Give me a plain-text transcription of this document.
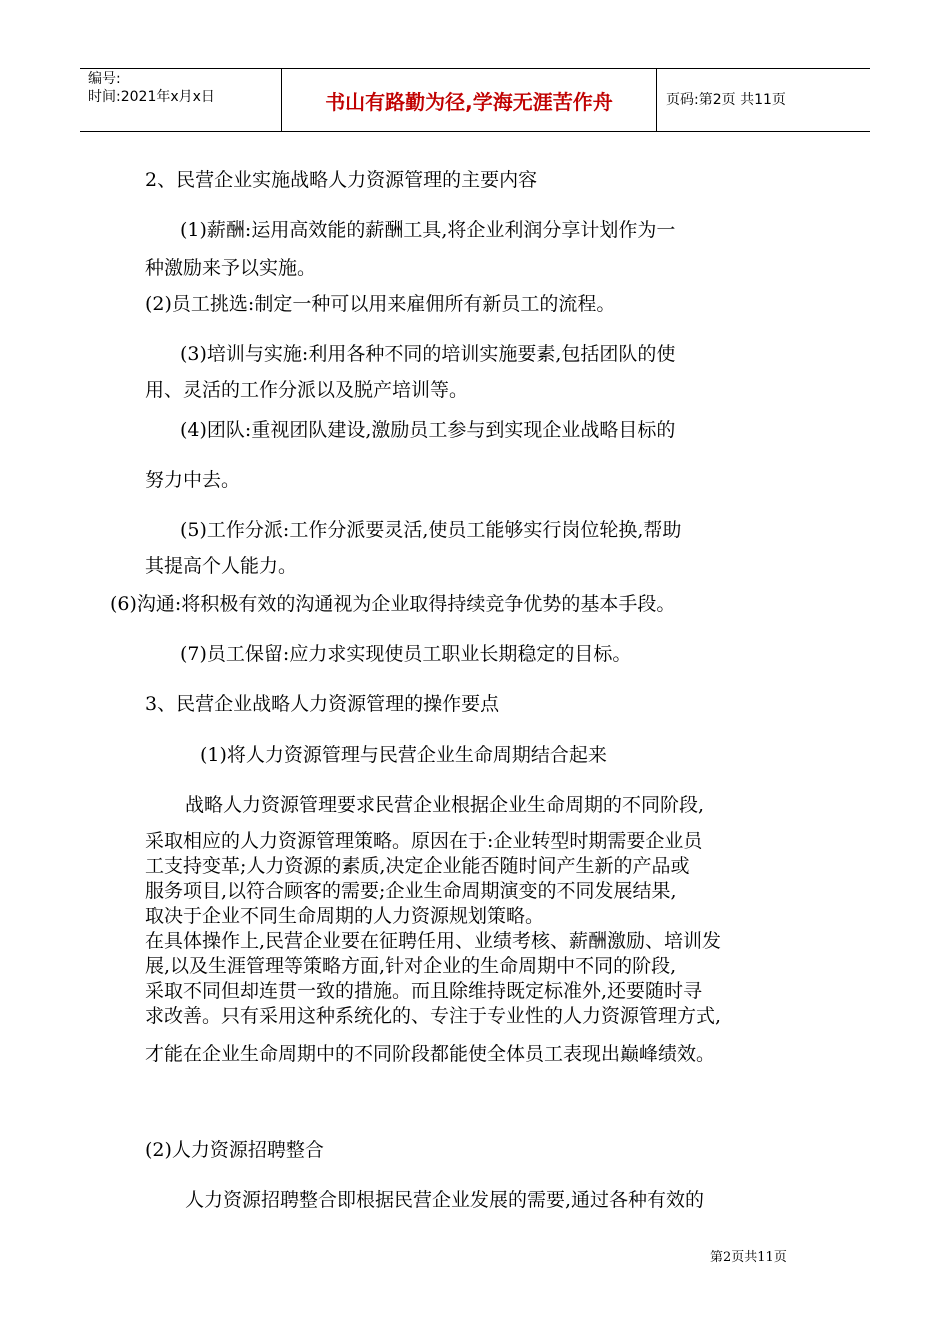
编号:
时间:2021年x月x日	书山有路勤为径,学海无涯苦作舟	页码:第2页 共11页
2、民营企业实施战略人力资源管理的主要内容
(1)薪酬:运用高效能的薪酬工具,将企业利润分享计划作为一
种激励来予以实施。
(2)员工挑选:制定一种可以用来雇佣所有新员工的流程。
(3)培训与实施:利用各种不同的培训实施要素,包括团队的使
用、灵活的工作分派以及脱产培训等。
(4)团队:重视团队建设,激励员工参与到实现企业战略目标的
努力中去。
(5)工作分派:工作分派要灵活,使员工能够实行岗位轮换,帮助
其提高个人能力。
(6)沟通:将积极有效的沟通视为企业取得持续竞争优势的基本手段。
(7)员工保留:应力求实现使员工职业长期稳定的目标。
3、民营企业战略人力资源管理的操作要点
(1)将人力资源管理与民营企业生命周期结合起来
战略人力资源管理要求民营企业根据企业生命周期的不同阶段,
采取相应的人力资源管理策略。原因在于:企业转型时期需要企业员
工支持变革;人力资源的素质,决定企业能否随时间产生新的产品或
服务项目,以符合顾客的需要;企业生命周期演变的不同发展结果,
取决于企业不同生命周期的人力资源规划策略。
在具体操作上,民营企业要在征聘任用、业绩考核、薪酬激励、培训发
展,以及生涯管理等策略方面,针对企业的生命周期中不同的阶段,
采取不同但却连贯一致的措施。而且除维持既定标准外,还要随时寻
求改善。只有采用这种系统化的、专注于专业性的人力资源管理方式,
才能在企业生命周期中的不同阶段都能使全体员工表现出巅峰绩效。
(2)人力资源招聘整合
人力资源招聘整合即根据民营企业发展的需要,通过各种有效的
第2页共11页
